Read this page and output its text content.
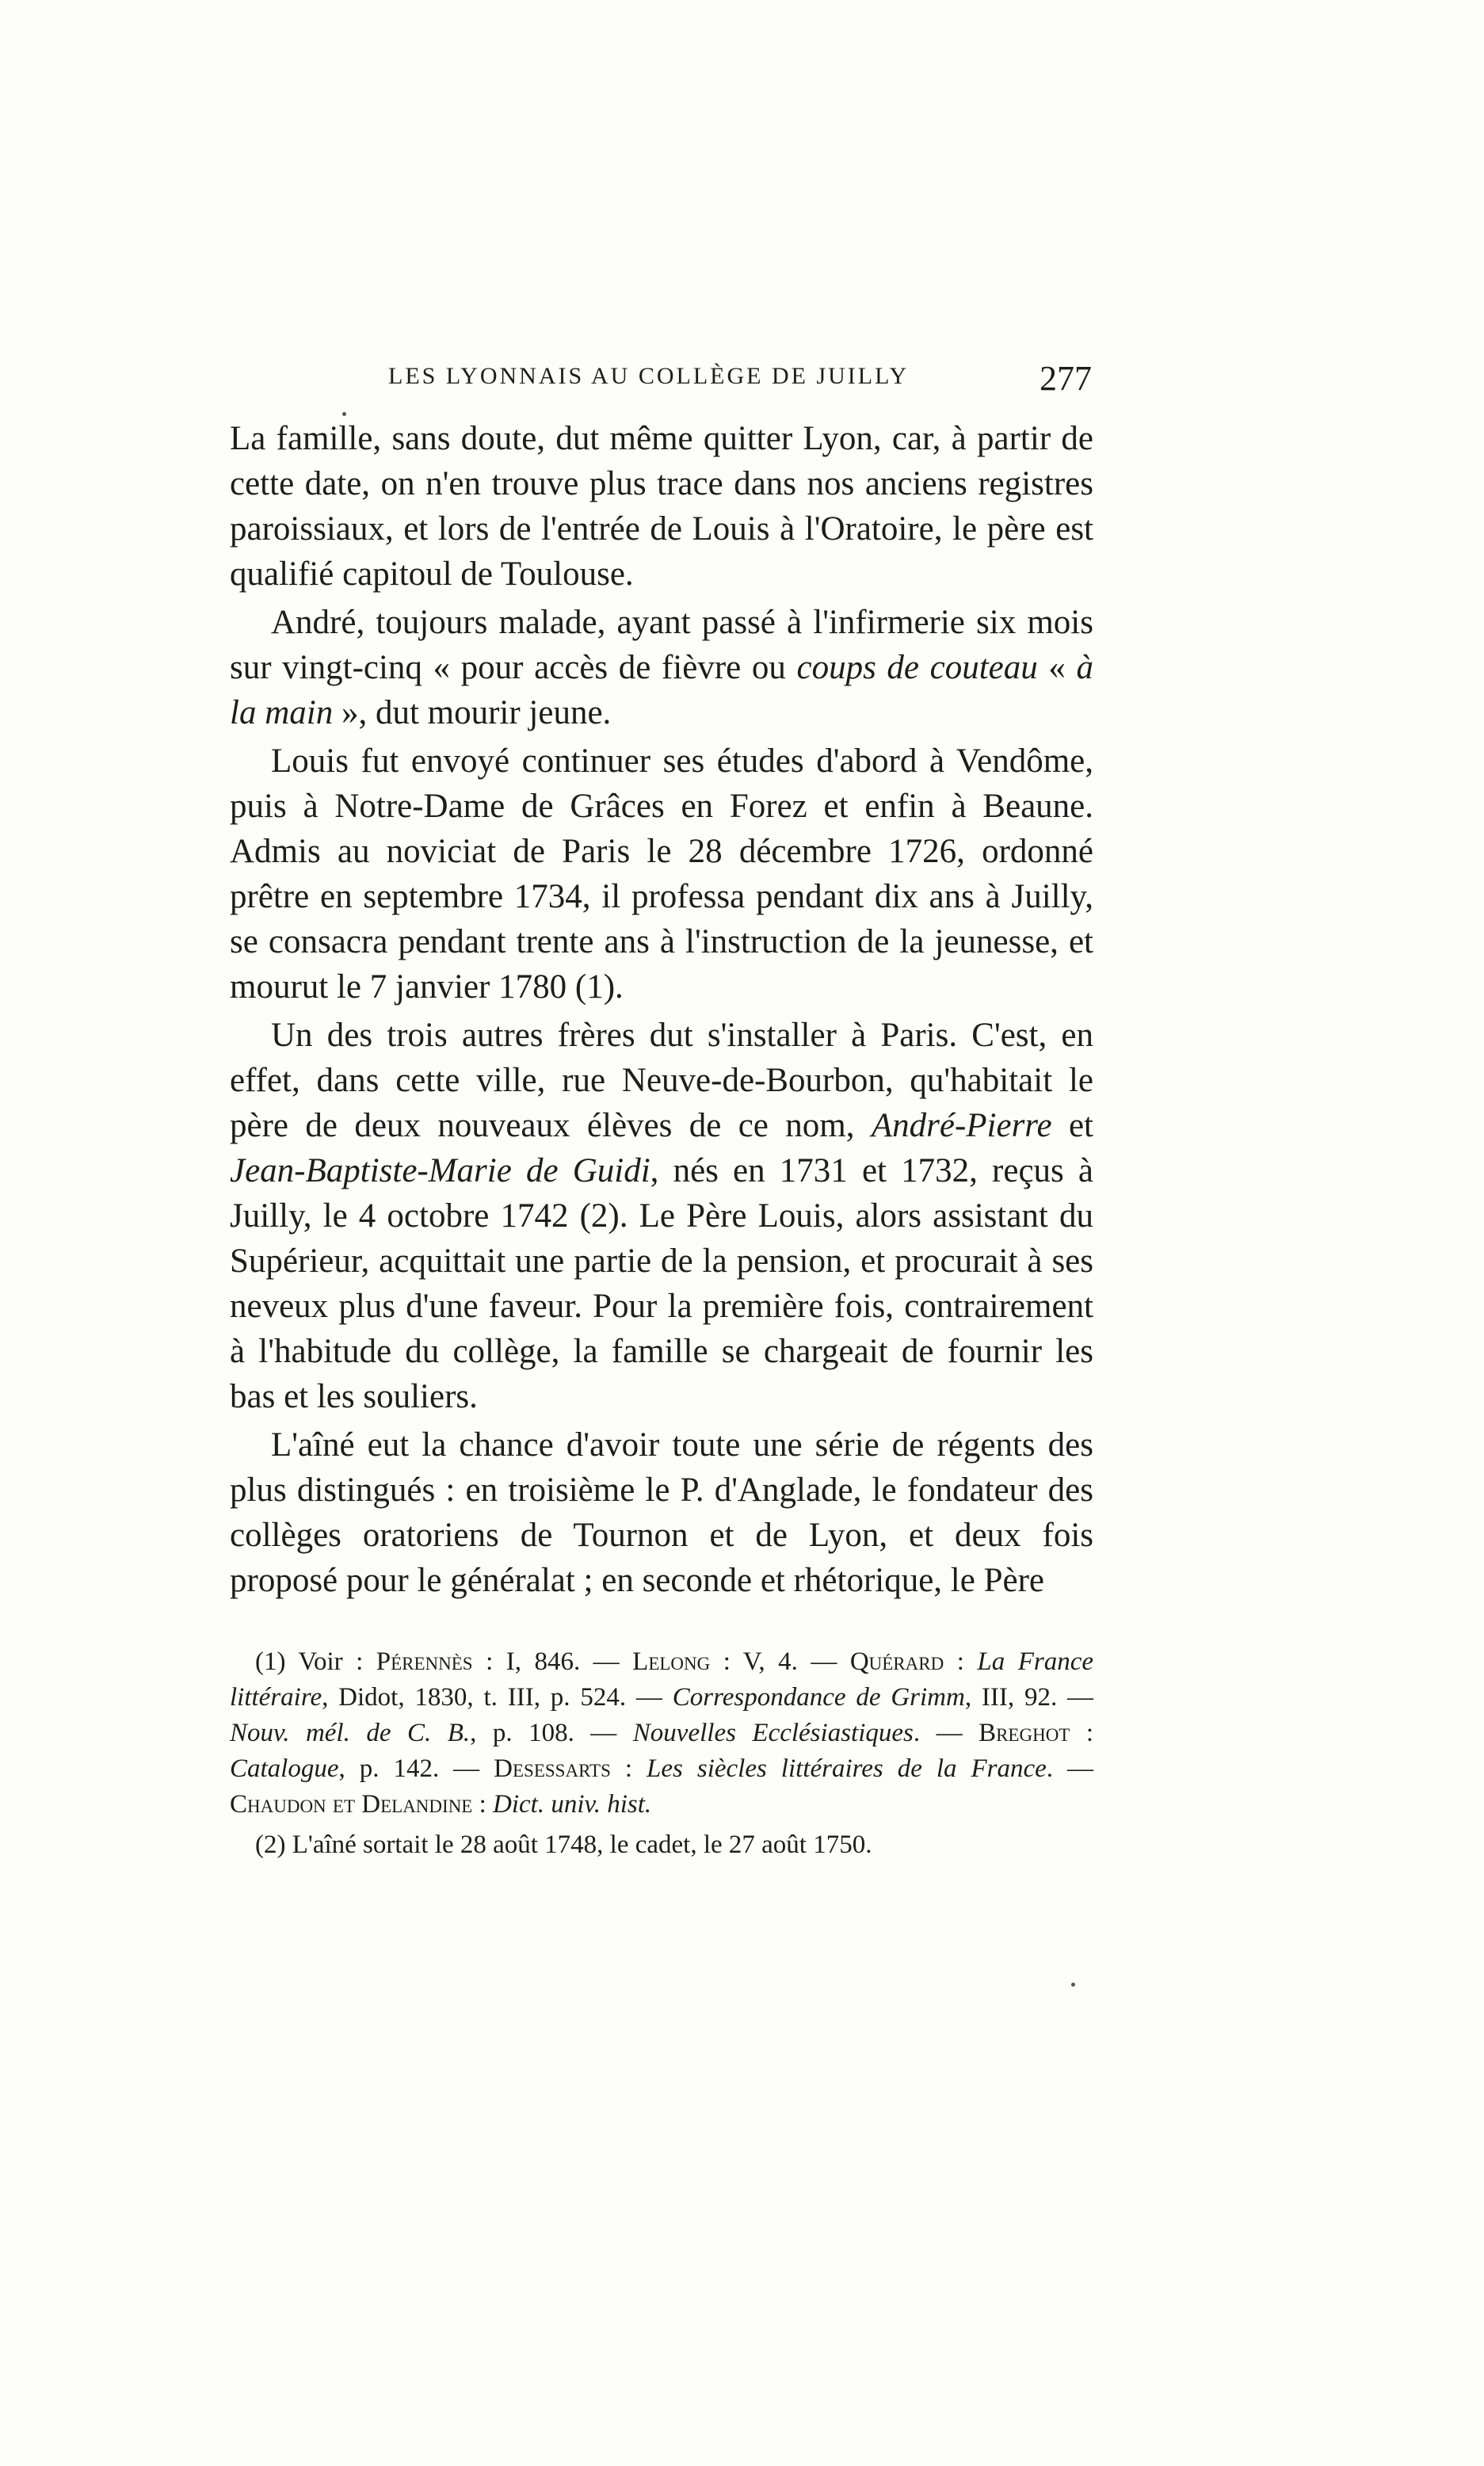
LES LYONNAIS AU COLLÈGE DE JUILLY	277

La famille, sans doute, dut même quitter Lyon, car, à partir de cette date, on n'en trouve plus trace dans nos anciens registres paroissiaux, et lors de l'entrée de Louis à l'Oratoire, le père est qualifié capitoul de Toulouse.

André, toujours malade, ayant passé à l'infirmerie six mois sur vingt-cinq « pour accès de fièvre ou coups de couteau « à la main », dut mourir jeune.

Louis fut envoyé continuer ses études d'abord à Vendôme, puis à Notre-Dame de Grâces en Forez et enfin à Beaune. Admis au noviciat de Paris le 28 décembre 1726, ordonné prêtre en septembre 1734, il professa pendant dix ans à Juilly, se consacra pendant trente ans à l'instruction de la jeunesse, et mourut le 7 janvier 1780 (1).

Un des trois autres frères dut s'installer à Paris. C'est, en effet, dans cette ville, rue Neuve-de-Bourbon, qu'habitait le père de deux nouveaux élèves de ce nom, André-Pierre et Jean-Baptiste-Marie de Guidi, nés en 1731 et 1732, reçus à Juilly, le 4 octobre 1742 (2). Le Père Louis, alors assistant du Supérieur, acquittait une partie de la pension, et procurait à ses neveux plus d'une faveur. Pour la première fois, contrairement à l'habitude du collège, la famille se chargeait de fournir les bas et les souliers.

L'aîné eut la chance d'avoir toute une série de régents des plus distingués : en troisième le P. d'Anglade, le fondateur des collèges oratoriens de Tournon et de Lyon, et deux fois proposé pour le généralat ; en seconde et rhétorique, le Père

(1) Voir : Pérennès : I, 846. — Lelong : V, 4. — Quérard : La France littéraire, Didot, 1830, t. III, p. 524. — Correspondance de Grimm, III, 92. — Nouv. mél. de C. B., p. 108. — Nouvelles Ecclésiastiques. — Breghot : Catalogue, p. 142. — Desessarts : Les siècles littéraires de la France. — Chaudon et Delandine : Dict. univ. hist.

(2) L'aîné sortait le 28 août 1748, le cadet, le 27 août 1750.
